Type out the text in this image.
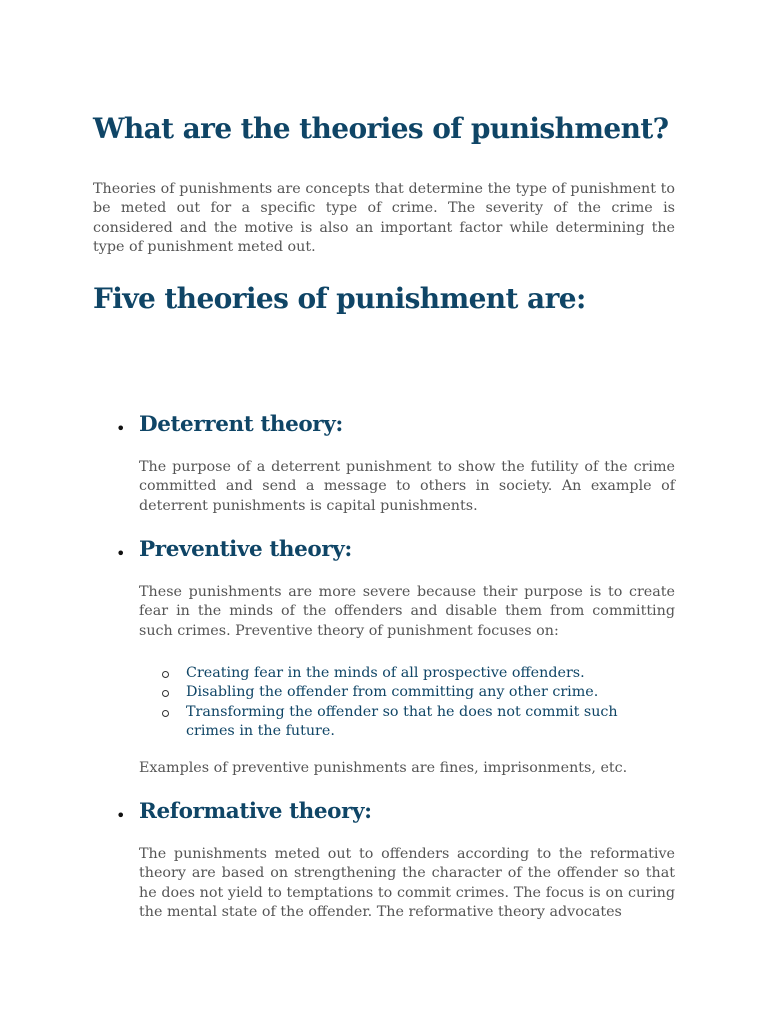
What are the theories of punishment?

Theories of punishments are concepts that determine the type of punishment to be meted out for a specific type of crime. The severity of the crime is considered and the motive is also an important factor while determining the type of punishment meted out.

Five theories of punishment are:
• Deterrent theory:

The purpose of a deterrent punishment to show the futility of the crime committed and send a message to others in society. An example of deterrent punishments is capital punishments.

• Preventive theory:

These punishments are more severe because their purpose is to create fear in the minds of the offenders and disable them from committing such crimes. Preventive theory of punishment focuses on:

Creating fear in the minds of all prospective offenders.
Disabling the offender from committing any other crime.
Transforming the offender so that he does not commit such crimes in the future.

Examples of preventive punishments are fines, imprisonments, etc.

• Reformative theory:

The punishments meted out to offenders according to the reformative theory are based on strengthening the character of the offender so that he does not yield to temptations to commit crimes. The focus is on curing the mental state of the offender. The reformative theory advocates
